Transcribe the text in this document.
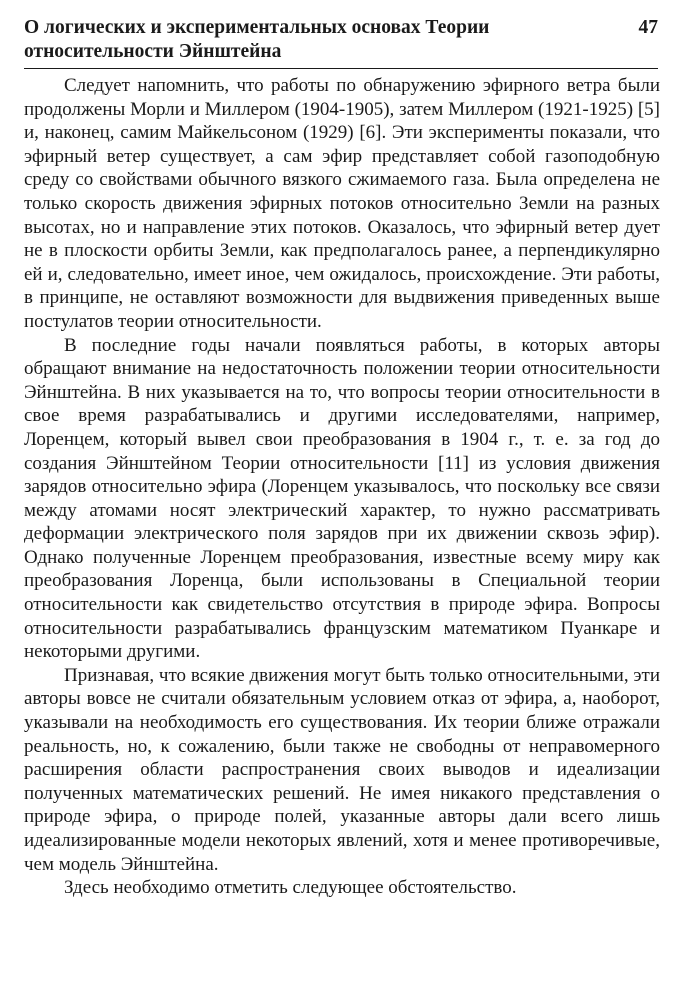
О логических и экспериментальных основах Теории относительности Эйнштейна
47

Следует напомнить, что работы по обнаружению эфирного ветра были продолжены Морли и Миллером (1904-1905), затем Миллером (1921-1925) [5] и, наконец, самим Майкельсоном (1929) [6]. Эти эксперименты показали, что эфирный ветер существует, а сам эфир представляет собой газоподобную среду со свойствами обычного вязкого сжимаемого газа. Была определена не только скорость движения эфирных потоков относительно Земли на разных высотах, но и направление этих потоков. Оказалось, что эфирный ветер дует не в плоскости орбиты Земли, как предполагалось ранее, а перпендикулярно ей и, следовательно, имеет иное, чем ожидалось, происхождение. Эти работы, в принципе, не оставляют возможности для выдвижения приведенных выше постулатов теории относительности.

В последние годы начали появляться работы, в которых авторы обращают внимание на недостаточность положении теории относительности Эйнштейна. В них указывается на то, что вопросы теории относительности в свое время разрабатывались и другими исследователями, например, Лоренцем, который вывел свои преобразования в 1904 г., т. е. за год до создания Эйнштейном Теории относительности [11] из условия движения зарядов относительно эфира (Лоренцем указывалось, что поскольку все связи между атомами носят электрический характер, то нужно рассматривать деформации электрического поля зарядов при их движении сквозь эфир). Однако полученные Лоренцем преобразования, известные всему миру как преобразования Лоренца, были использованы в Специальной теории относительности как свидетельство отсутствия в природе эфира. Вопросы относительности разрабатывались французским математиком Пуанкаре и некоторыми другими.

Признавая, что всякие движения могут быть только относительными, эти авторы вовсе не считали обязательным условием отказ от эфира, а, наоборот, указывали на необходимость его существования. Их теории ближе отражали реальность, но, к сожалению, были также не свободны от неправомерного расширения области распространения своих выводов и идеализации полученных математических решений. Не имея никакого представления о природе эфира, о природе полей, указанные авторы дали всего лишь идеализированные модели некоторых явлений, хотя и менее противоречивые, чем модель Эйнштейна.

Здесь необходимо отметить следующее обстоятельство.
